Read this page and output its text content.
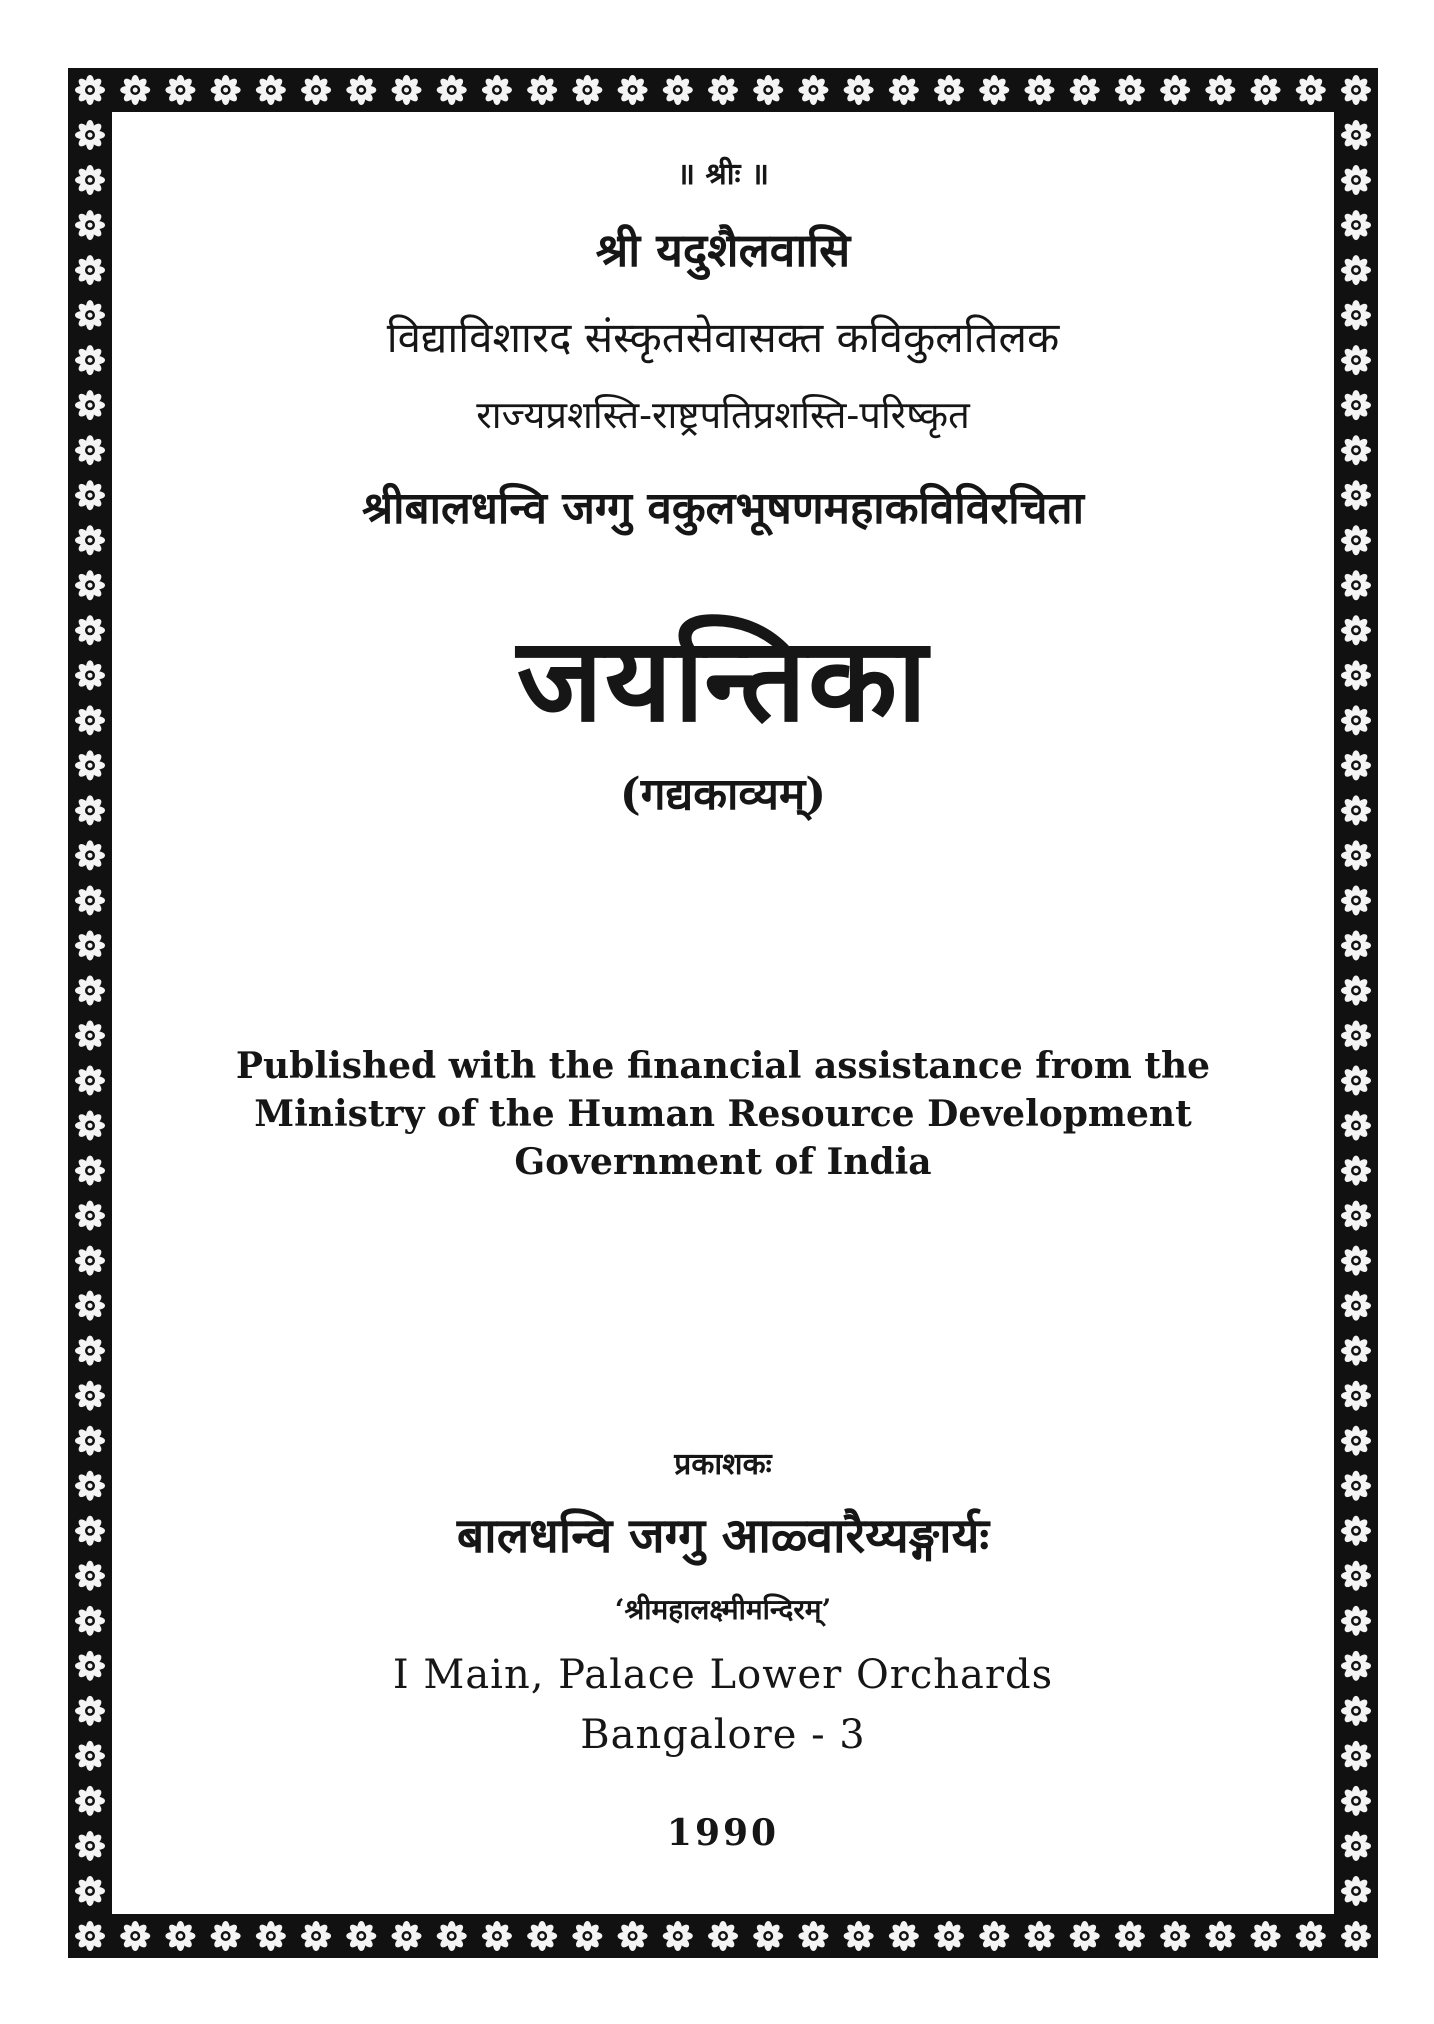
॥ श्रीः ॥
श्री यदुशैलवासि
विद्याविशारद संस्कृतसेवासक्त कविकुलतिलक
राज्यप्रशस्ति-राष्ट्रपतिप्रशस्ति-परिष्कृत
श्रीबालधन्वि जग्गु वकुलभूषणमहाकविविरचिता
जयन्तिका
(गद्यकाव्यम्)
Published with the financial assistance from the
Ministry of the Human Resource Development
Government of India
प्रकाशकः
बालधन्वि जग्गु आळ्वारैय्यङ्गार्यः
‘श्रीमहालक्ष्मीमन्दिरम्’
I Main, Palace Lower Orchards
Bangalore - 3
1990
